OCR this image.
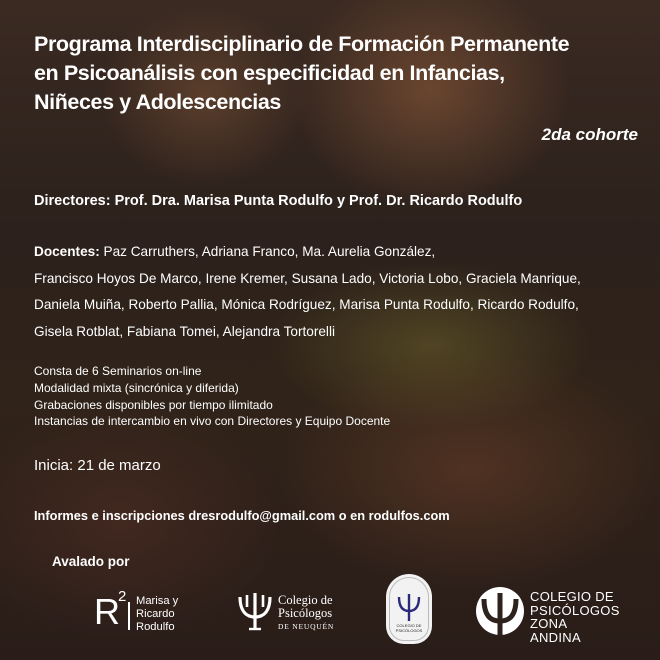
Programa Interdisciplinario de Formación Permanente
en Psicoanálisis con especificidad en Infancias,
Niñeces y Adolescencias
2da cohorte
Directores: Prof. Dra. Marisa Punta Rodulfo y Prof. Dr. Ricardo Rodulfo
Docentes: Paz Carruthers, Adriana Franco, Ma. Aurelia González,
Francisco Hoyos De Marco, Irene Kremer, Susana Lado, Victoria Lobo, Graciela Manrique,
Daniela Muiña, Roberto Pallia, Mónica Rodríguez, Marisa Punta Rodulfo, Ricardo Rodulfo,
Gisela Rotblat, Fabiana Tomei, Alejandra Tortorelli
Consta de 6 Seminarios on-line
Modalidad mixta (sincrónica y diferida)
Grabaciones disponibles por tiempo ilimitado
Instancias de intercambio en vivo con Directores y Equipo Docente
Inicia: 21 de marzo
Informes e inscripciones dresrodulfo@gmail.com o en rodulfos.com
Avalado por
R
2 Marisa y
Ricardo
Rodulfo
Colegio de
Psicólogos
DE NEUQUÉN	COLEGIO DE PSICÓLOGOS
COLEGIO DE
PSICÓLOGOS
ZONA ANDINA
